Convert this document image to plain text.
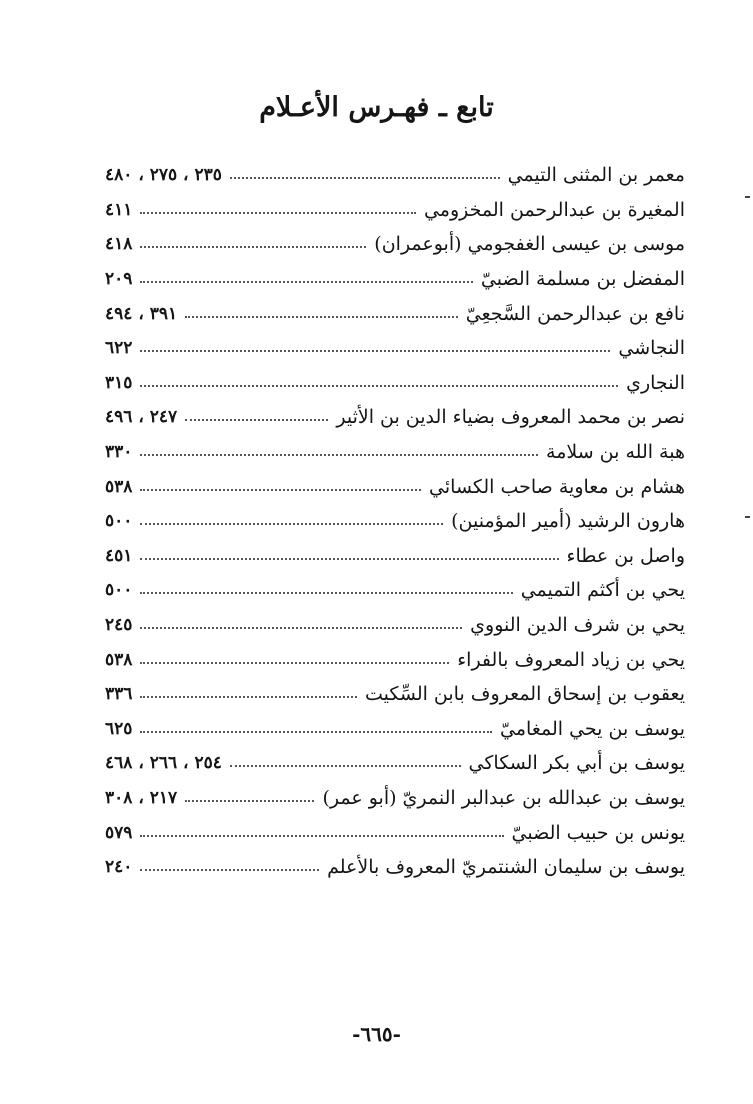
تابع ـ فهـرس الأعـلام
معمر بن المثنى التيمي
٢٣٥ ، ٢٧٥ ، ٤٨٠
المغيرة بن عبدالرحمن المخزومي
٤١١
موسى بن عيسى الغفجومي (أبوعمران)
٤١٨
المفضل بن مسلمة الضبيّ
٢٠٩
نافع بن عبدالرحمن السَّجعِيّ
٣٩١ ، ٤٩٤
النجاشي
٦٢٢
النجاري
٣١٥
نصر بن محمد المعروف بضياء الدين بن الأثير
٢٤٧ ، ٤٩٦
هبة الله بن سلامة
٣٣٠
هشام بن معاوية صاحب الكسائي
٥٣٨
هارون الرشيد (أمير المؤمنين)
٥٠٠
واصل بن عطاء
٤٥١
يحي بن أكثم التميمي
٥٠٠
يحي بن شرف الدين النووي
٢٤٥
يحي بن زياد المعروف بالفراء
٥٣٨
يعقوب بن إسحاق المعروف بابن السِّكيت
٣٣٦
يوسف بن يحي المغاميّ
٦٢٥
يوسف بن أبي بكر السكاكي
٢٥٤ ، ٢٦٦ ، ٤٦٨
يوسف بن عبدالله بن عبدالبر النمريّ (أبو عمر)
٢١٧ ، ٣٠٨
يونس بن حبيب الضبيّ
٥٧٩
يوسف بن سليمان الشنتمريّ المعروف بالأعلم
٢٤٠
-٦٦٥-
